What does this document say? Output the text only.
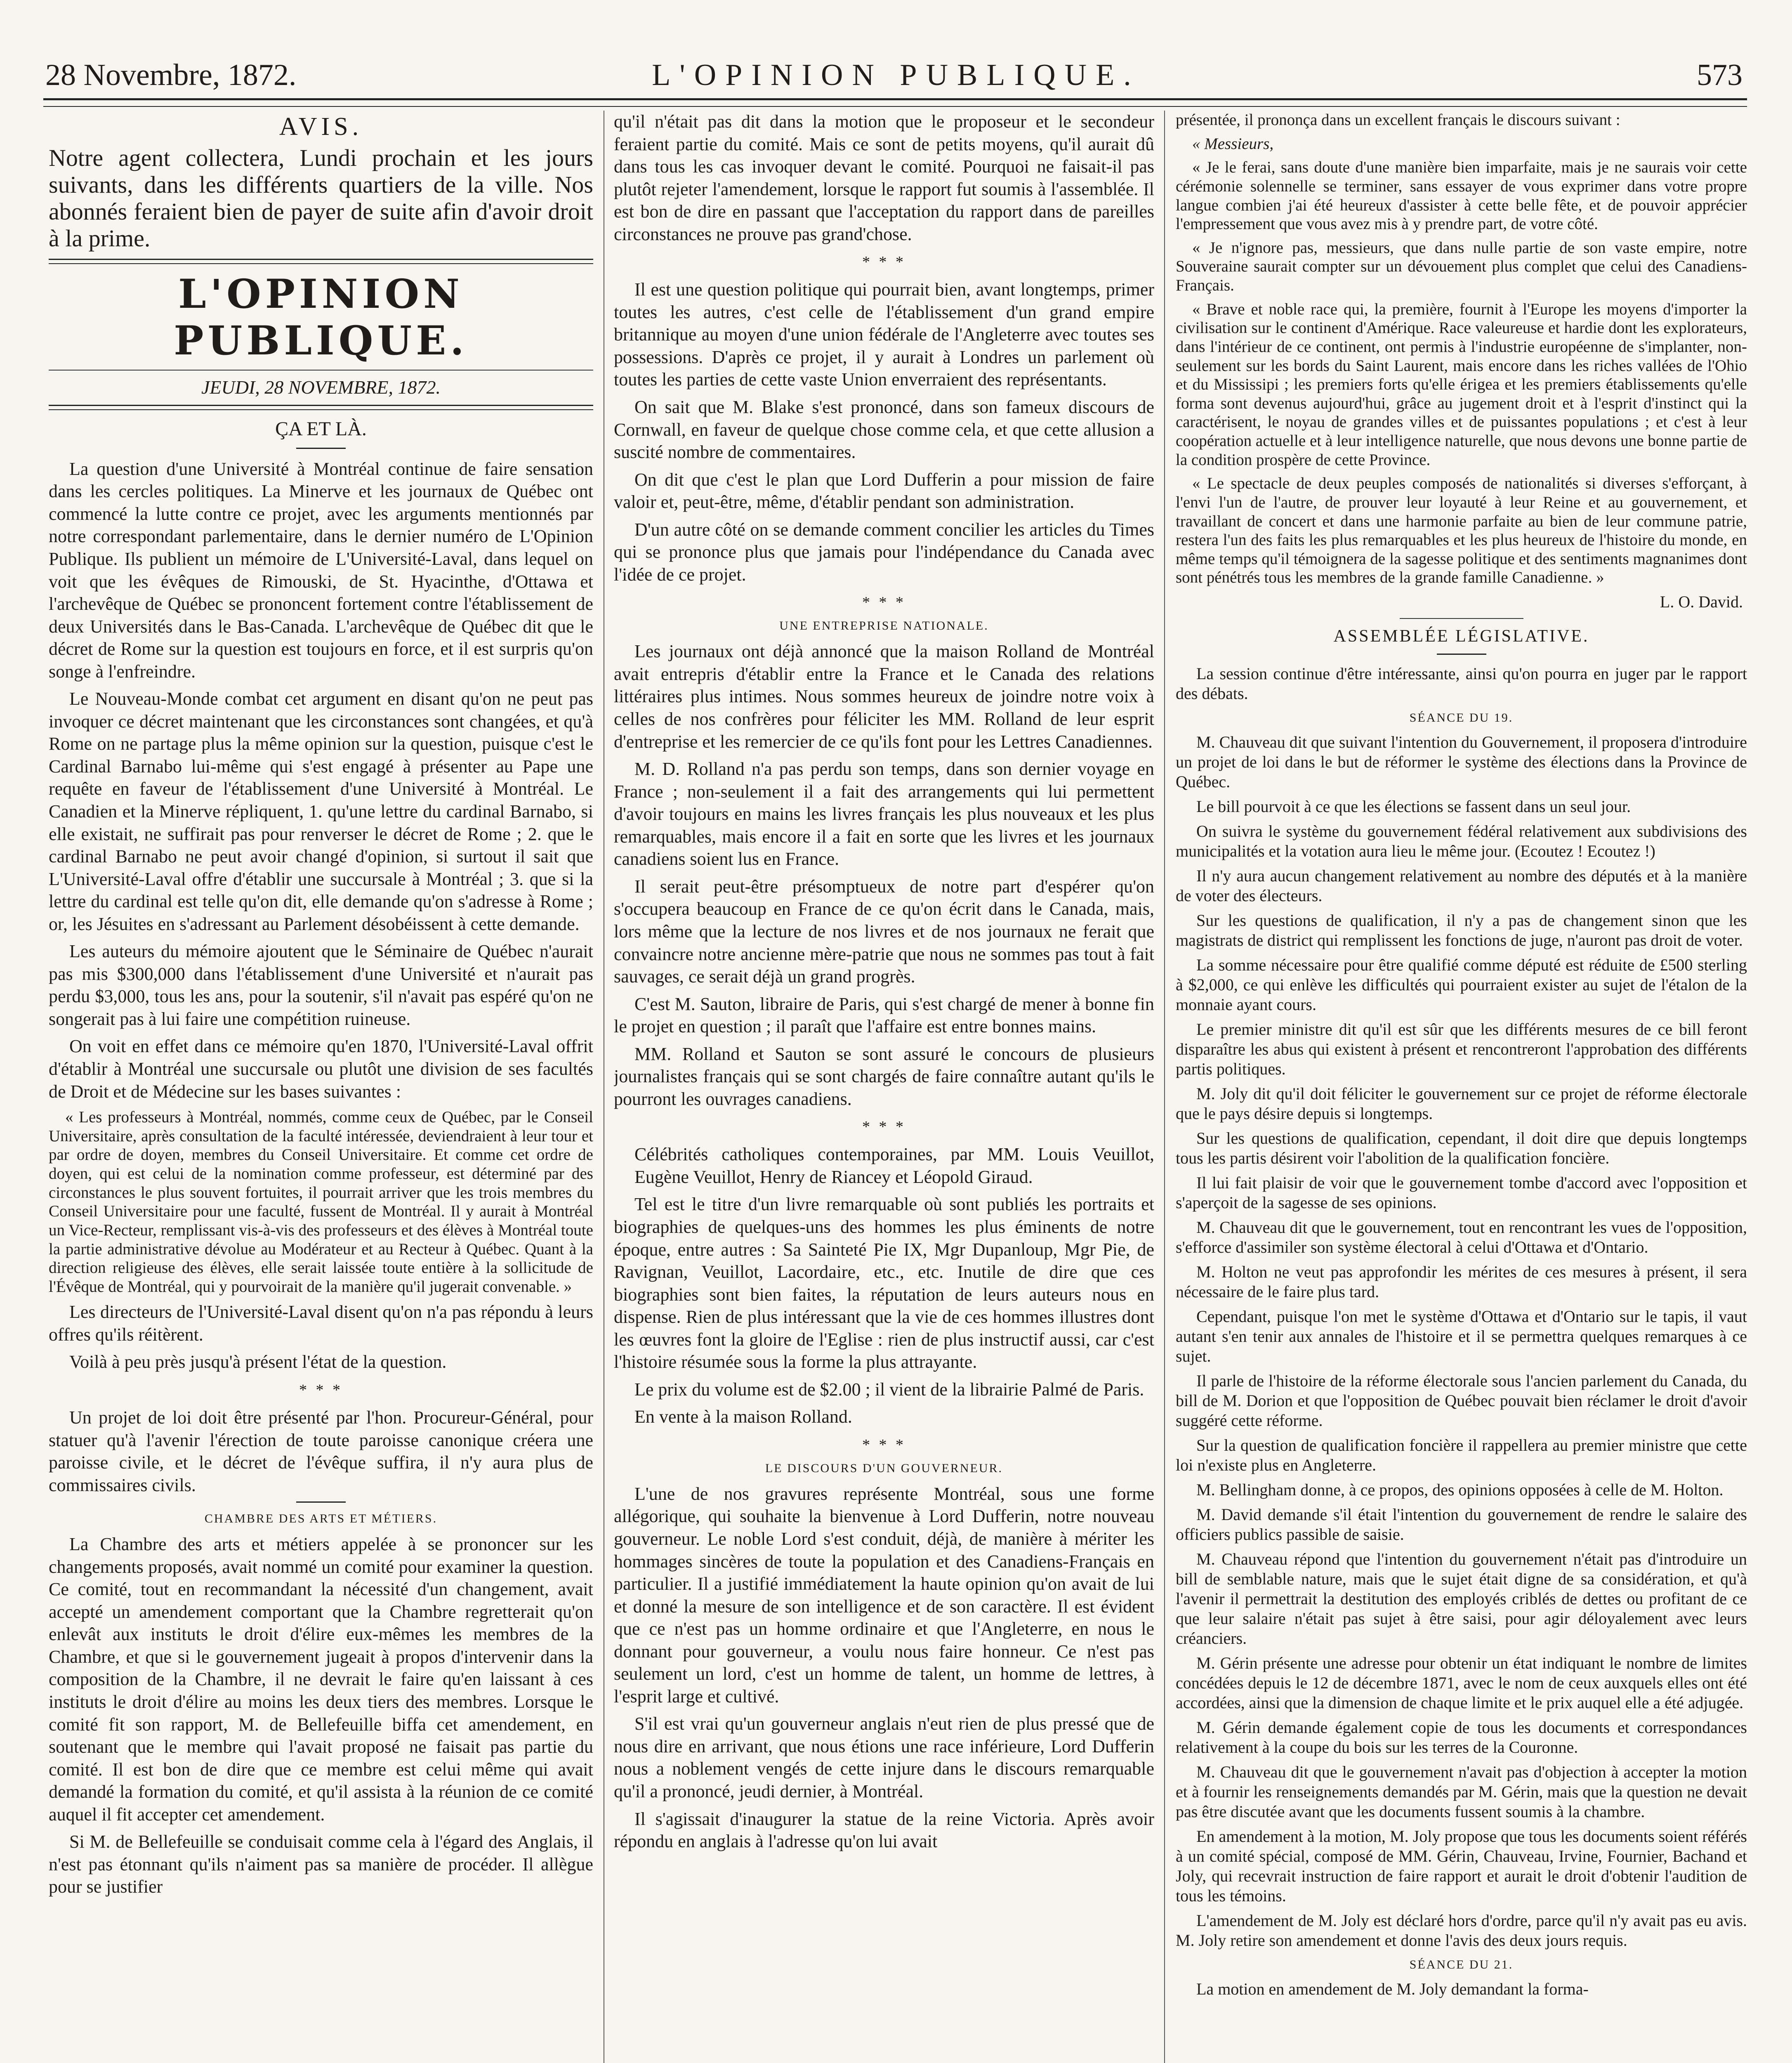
28 Novembre, 1872.	L'OPINION PUBLIQUE.	573
AVIS.

Notre agent collectera, Lundi prochain et les jours suivants, dans les différents quartiers de la ville. Nos abonnés feraient bien de payer de suite afin d'avoir droit à la prime.

L'OPINION PUBLIQUE.
JEUDI, 28 NOVEMBRE, 1872.
ÇA ET LÀ.

La question d'une Université à Montréal continue de faire sensation dans les cercles politiques. La Minerve et les journaux de Québec ont commencé la lutte contre ce projet, avec les arguments mentionnés par notre correspondant parlementaire, dans le dernier numéro de L'Opinion Publique. Ils publient un mémoire de L'Université-Laval, dans lequel on voit que les évêques de Rimouski, de St. Hyacinthe, d'Ottawa et l'archevêque de Québec se prononcent fortement contre l'établissement de deux Universités dans le Bas-Canada. L'archevêque de Québec dit que le décret de Rome sur la question est toujours en force, et il est surpris qu'on songe à l'enfreindre.

Le Nouveau-Monde combat cet argument en disant qu'on ne peut pas invoquer ce décret maintenant que les circonstances sont changées, et qu'à Rome on ne partage plus la même opinion sur la question, puisque c'est le Cardinal Barnabo lui-même qui s'est engagé à présenter au Pape une requête en faveur de l'établissement d'une Université à Montréal. Le Canadien et la Minerve répliquent, 1. qu'une lettre du cardinal Barnabo, si elle existait, ne suffirait pas pour renverser le décret de Rome ; 2. que le cardinal Barnabo ne peut avoir changé d'opinion, si surtout il sait que L'Université-Laval offre d'établir une succursale à Montréal ; 3. que si la lettre du cardinal est telle qu'on dit, elle demande qu'on s'adresse à Rome ; or, les Jésuites en s'adressant au Parlement désobéissent à cette demande.

Les auteurs du mémoire ajoutent que le Séminaire de Québec n'aurait pas mis $300,000 dans l'établissement d'une Université et n'aurait pas perdu $3,000, tous les ans, pour la soutenir, s'il n'avait pas espéré qu'on ne songerait pas à lui faire une compétition ruineuse.

On voit en effet dans ce mémoire qu'en 1870, l'Université-Laval offrit d'établir à Montréal une succursale ou plutôt une division de ses facultés de Droit et de Médecine sur les bases suivantes :

« Les professeurs à Montréal, nommés, comme ceux de Québec, par le Conseil Universitaire, après consultation de la faculté intéressée, deviendraient à leur tour et par ordre de doyen, membres du Conseil Universitaire. Et comme cet ordre de doyen, qui est celui de la nomination comme professeur, est déterminé par des circonstances le plus souvent fortuites, il pourrait arriver que les trois membres du Conseil Universitaire pour une faculté, fussent de Montréal. Il y aurait à Montréal un Vice-Recteur, remplissant vis-à-vis des professeurs et des élèves à Montréal toute la partie administrative dévolue au Modérateur et au Recteur à Québec. Quant à la direction religieuse des élèves, elle serait laissée toute entière à la sollicitude de l'Évêque de Montréal, qui y pourvoirait de la manière qu'il jugerait convenable. »

Les directeurs de l'Université-Laval disent qu'on n'a pas répondu à leurs offres qu'ils réitèrent.

Voilà à peu près jusqu'à présent l'état de la question.

* * *

Un projet de loi doit être présenté par l'hon. Procureur-Général, pour statuer qu'à l'avenir l'érection de toute paroisse canonique créera une paroisse civile, et le décret de l'évêque suffira, il n'y aura plus de commissaires civils.

CHAMBRE DES ARTS ET MÉTIERS.

La Chambre des arts et métiers appelée à se prononcer sur les changements proposés, avait nommé un comité pour examiner la question. Ce comité, tout en recommandant la nécessité d'un changement, avait accepté un amendement comportant que la Chambre regretterait qu'on enlevât aux instituts le droit d'élire eux-mêmes les membres de la Chambre, et que si le gouvernement jugeait à propos d'intervenir dans la composition de la Chambre, il ne devrait le faire qu'en laissant à ces instituts le droit d'élire au moins les deux tiers des membres. Lorsque le comité fit son rapport, M. de Bellefeuille biffa cet amendement, en soutenant que le membre qui l'avait proposé ne faisait pas partie du comité. Il est bon de dire que ce membre est celui même qui avait demandé la formation du comité, et qu'il assista à la réunion de ce comité auquel il fit accepter cet amendement.

Si M. de Bellefeuille se conduisait comme cela à l'égard des Anglais, il n'est pas étonnant qu'ils n'aiment pas sa manière de procéder. Il allègue pour se justifier

qu'il n'était pas dit dans la motion que le proposeur et le secondeur feraient partie du comité. Mais ce sont de petits moyens, qu'il aurait dû dans tous les cas invoquer devant le comité. Pourquoi ne faisait-il pas plutôt rejeter l'amendement, lorsque le rapport fut soumis à l'assemblée. Il est bon de dire en passant que l'acceptation du rapport dans de pareilles circonstances ne prouve pas grand'chose.

* * *

Il est une question politique qui pourrait bien, avant longtemps, primer toutes les autres, c'est celle de l'établissement d'un grand empire britannique au moyen d'une union fédérale de l'Angleterre avec toutes ses possessions. D'après ce projet, il y aurait à Londres un parlement où toutes les parties de cette vaste Union enverraient des représentants.

On sait que M. Blake s'est prononcé, dans son fameux discours de Cornwall, en faveur de quelque chose comme cela, et que cette allusion a suscité nombre de commentaires.

On dit que c'est le plan que Lord Dufferin a pour mission de faire valoir et, peut-être, même, d'établir pendant son administration.

D'un autre côté on se demande comment concilier les articles du Times qui se prononce plus que jamais pour l'indépendance du Canada avec l'idée de ce projet.

* * *
UNE ENTREPRISE NATIONALE.

Les journaux ont déjà annoncé que la maison Rolland de Montréal avait entrepris d'établir entre la France et le Canada des relations littéraires plus intimes. Nous sommes heureux de joindre notre voix à celles de nos confrères pour féliciter les MM. Rolland de leur esprit d'entreprise et les remercier de ce qu'ils font pour les Lettres Canadiennes.

M. D. Rolland n'a pas perdu son temps, dans son dernier voyage en France ; non-seulement il a fait des arrangements qui lui permettent d'avoir toujours en mains les livres français les plus nouveaux et les plus remarquables, mais encore il a fait en sorte que les livres et les journaux canadiens soient lus en France.

Il serait peut-être présomptueux de notre part d'espérer qu'on s'occupera beaucoup en France de ce qu'on écrit dans le Canada, mais, lors même que la lecture de nos livres et de nos journaux ne ferait que convaincre notre ancienne mère-patrie que nous ne sommes pas tout à fait sauvages, ce serait déjà un grand progrès.

C'est M. Sauton, libraire de Paris, qui s'est chargé de mener à bonne fin le projet en question ; il paraît que l'affaire est entre bonnes mains.

MM. Rolland et Sauton se sont assuré le concours de plusieurs journalistes français qui se sont chargés de faire connaître autant qu'ils le pourront les ouvrages canadiens.

* * *

Célébrités catholiques contemporaines, par MM. Louis Veuillot, Eugène Veuillot, Henry de Riancey et Léopold Giraud.

Tel est le titre d'un livre remarquable où sont publiés les portraits et biographies de quelques-uns des hommes les plus éminents de notre époque, entre autres : Sa Sainteté Pie IX, Mgr Dupanloup, Mgr Pie, de Ravignan, Veuillot, Lacordaire, etc., etc. Inutile de dire que ces biographies sont bien faites, la réputation de leurs auteurs nous en dispense. Rien de plus intéressant que la vie de ces hommes illustres dont les œuvres font la gloire de l'Eglise : rien de plus instructif aussi, car c'est l'histoire résumée sous la forme la plus attrayante.

Le prix du volume est de $2.00 ; il vient de la librairie Palmé de Paris.

En vente à la maison Rolland.

* * *
LE DISCOURS D'UN GOUVERNEUR.

L'une de nos gravures représente Montréal, sous une forme allégorique, qui souhaite la bienvenue à Lord Dufferin, notre nouveau gouverneur. Le noble Lord s'est conduit, déjà, de manière à mériter les hommages sincères de toute la population et des Canadiens-Français en particulier. Il a justifié immédiatement la haute opinion qu'on avait de lui et donné la mesure de son intelligence et de son caractère. Il est évident que ce n'est pas un homme ordinaire et que l'Angleterre, en nous le donnant pour gouverneur, a voulu nous faire honneur. Ce n'est pas seulement un lord, c'est un homme de talent, un homme de lettres, à l'esprit large et cultivé.

S'il est vrai qu'un gouverneur anglais n'eut rien de plus pressé que de nous dire en arrivant, que nous étions une race inférieure, Lord Dufferin nous a noblement vengés de cette injure dans le discours remarquable qu'il a prononcé, jeudi dernier, à Montréal.

Il s'agissait d'inaugurer la statue de la reine Victoria. Après avoir répondu en anglais à l'adresse qu'on lui avait

présentée, il prononça dans un excellent français le discours suivant :

« Messieurs,

« Je le ferai, sans doute d'une manière bien imparfaite, mais je ne saurais voir cette cérémonie solennelle se terminer, sans essayer de vous exprimer dans votre propre langue combien j'ai été heureux d'assister à cette belle fête, et de pouvoir apprécier l'empressement que vous avez mis à y prendre part, de votre côté.

« Je n'ignore pas, messieurs, que dans nulle partie de son vaste empire, notre Souveraine saurait compter sur un dévouement plus complet que celui des Canadiens-Français.

« Brave et noble race qui, la première, fournit à l'Europe les moyens d'importer la civilisation sur le continent d'Amérique. Race valeureuse et hardie dont les explorateurs, dans l'intérieur de ce continent, ont permis à l'industrie européenne de s'implanter, non-seulement sur les bords du Saint Laurent, mais encore dans les riches vallées de l'Ohio et du Mississipi ; les premiers forts qu'elle érigea et les premiers établissements qu'elle forma sont devenus aujourd'hui, grâce au jugement droit et à l'esprit d'instinct qui la caractérisent, le noyau de grandes villes et de puissantes populations ; et c'est à leur coopération actuelle et à leur intelligence naturelle, que nous devons une bonne partie de la condition prospère de cette Province.

« Le spectacle de deux peuples composés de nationalités si diverses s'efforçant, à l'envi l'un de l'autre, de prouver leur loyauté à leur Reine et au gouvernement, et travaillant de concert et dans une harmonie parfaite au bien de leur commune patrie, restera l'un des faits les plus remarquables et les plus heureux de l'histoire du monde, en même temps qu'il témoignera de la sagesse politique et des sentiments magnanimes dont sont pénétrés tous les membres de la grande famille Canadienne. »

L. O. David.
ASSEMBLÉE LÉGISLATIVE.

La session continue d'être intéressante, ainsi qu'on pourra en juger par le rapport des débats.

SÉANCE DU 19.

M. Chauveau dit que suivant l'intention du Gouvernement, il proposera d'introduire un projet de loi dans le but de réformer le système des élections dans la Province de Québec.

Le bill pourvoit à ce que les élections se fassent dans un seul jour.

On suivra le système du gouvernement fédéral relativement aux subdivisions des municipalités et la votation aura lieu le même jour. (Ecoutez ! Ecoutez !)

Il n'y aura aucun changement relativement au nombre des députés et à la manière de voter des électeurs.

Sur les questions de qualification, il n'y a pas de changement sinon que les magistrats de district qui remplissent les fonctions de juge, n'auront pas droit de voter.

La somme nécessaire pour être qualifié comme député est réduite de £500 sterling à $2,000, ce qui enlève les difficultés qui pourraient exister au sujet de l'étalon de la monnaie ayant cours.

Le premier ministre dit qu'il est sûr que les différents mesures de ce bill feront disparaître les abus qui existent à présent et rencontreront l'approbation des différents partis politiques.

M. Joly dit qu'il doit féliciter le gouvernement sur ce projet de réforme électorale que le pays désire depuis si longtemps.

Sur les questions de qualification, cependant, il doit dire que depuis longtemps tous les partis désirent voir l'abolition de la qualification foncière.

Il lui fait plaisir de voir que le gouvernement tombe d'accord avec l'opposition et s'aperçoit de la sagesse de ses opinions.

M. Chauveau dit que le gouvernement, tout en rencontrant les vues de l'opposition, s'efforce d'assimiler son système électoral à celui d'Ottawa et d'Ontario.

M. Holton ne veut pas approfondir les mérites de ces mesures à présent, il sera nécessaire de le faire plus tard.

Cependant, puisque l'on met le système d'Ottawa et d'Ontario sur le tapis, il vaut autant s'en tenir aux annales de l'histoire et il se permettra quelques remarques à ce sujet.

Il parle de l'histoire de la réforme électorale sous l'ancien parlement du Canada, du bill de M. Dorion et que l'opposition de Québec pouvait bien réclamer le droit d'avoir suggéré cette réforme.

Sur la question de qualification foncière il rappellera au premier ministre que cette loi n'existe plus en Angleterre.

M. Bellingham donne, à ce propos, des opinions opposées à celle de M. Holton.

M. David demande s'il était l'intention du gouvernement de rendre le salaire des officiers publics passible de saisie.

M. Chauveau répond que l'intention du gouvernement n'était pas d'introduire un bill de semblable nature, mais que le sujet était digne de sa considération, et qu'à l'avenir il permettrait la destitution des employés criblés de dettes ou profitant de ce que leur salaire n'était pas sujet à être saisi, pour agir déloyalement avec leurs créanciers.

M. Gérin présente une adresse pour obtenir un état indiquant le nombre de limites concédées depuis le 12 de décembre 1871, avec le nom de ceux auxquels elles ont été accordées, ainsi que la dimension de chaque limite et le prix auquel elle a été adjugée.

M. Gérin demande également copie de tous les documents et correspondances relativement à la coupe du bois sur les terres de la Couronne.

M. Chauveau dit que le gouvernement n'avait pas d'objection à accepter la motion et à fournir les renseignements demandés par M. Gérin, mais que la question ne devait pas être discutée avant que les documents fussent soumis à la chambre.

En amendement à la motion, M. Joly propose que tous les documents soient référés à un comité spécial, composé de MM. Gérin, Chauveau, Irvine, Fournier, Bachand et Joly, qui recevrait instruction de faire rapport et aurait le droit d'obtenir l'audition de tous les témoins.

L'amendement de M. Joly est déclaré hors d'ordre, parce qu'il n'y avait pas eu avis. M. Joly retire son amendement et donne l'avis des deux jours requis.

SÉANCE DU 21.

La motion en amendement de M. Joly demandant la forma-
